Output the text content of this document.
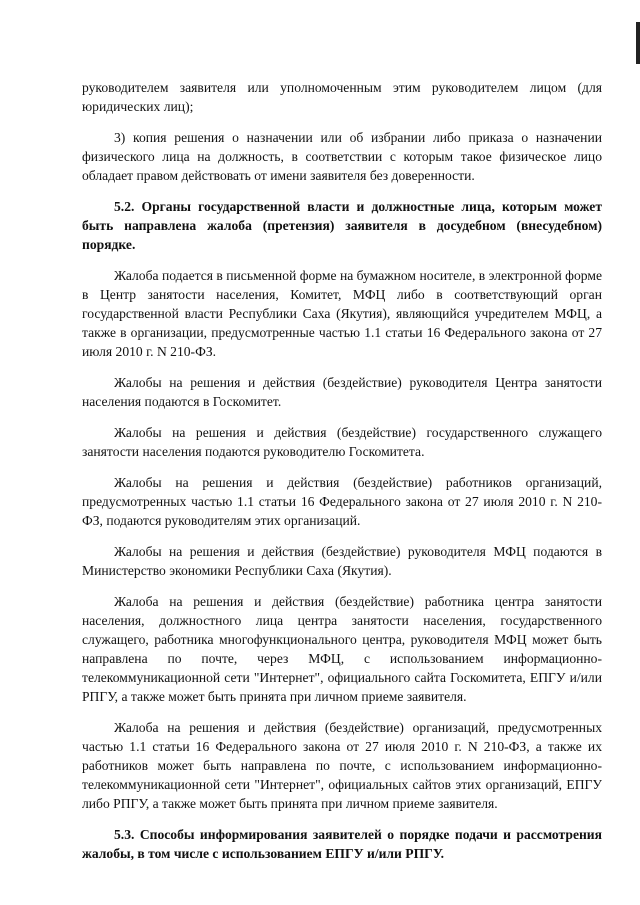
руководителем заявителя или уполномоченным этим руководителем лицом (для юридических лиц);

3) копия решения о назначении или об избрании либо приказа о назначении физического лица на должность, в соответствии с которым такое физическое лицо обладает правом действовать от имени заявителя без доверенности.

5.2. Органы государственной власти и должностные лица, которым может быть направлена жалоба (претензия) заявителя в досудебном (внесудебном) порядке.

Жалоба подается в письменной форме на бумажном носителе, в электронной форме в Центр занятости населения, Комитет, МФЦ либо в соответствующий орган государственной власти Республики Саха (Якутия), являющийся учредителем МФЦ, а также в организации, предусмотренные частью 1.1 статьи 16 Федерального закона от 27 июля 2010 г. N 210-ФЗ.

Жалобы на решения и действия (бездействие) руководителя Центра занятости населения подаются в Госкомитет.

Жалобы на решения и действия (бездействие) государственного служащего занятости населения подаются руководителю Госкомитета.

Жалобы на решения и действия (бездействие) работников организаций, предусмотренных частью 1.1 статьи 16 Федерального закона от 27 июля 2010 г. N 210-ФЗ, подаются руководителям этих организаций.

Жалобы на решения и действия (бездействие) руководителя МФЦ подаются в Министерство экономики Республики Саха (Якутия).

Жалоба на решения и действия (бездействие) работника центра занятости населения, должностного лица центра занятости населения, государственного служащего, работника многофункционального центра, руководителя МФЦ может быть направлена по почте, через МФЦ, с использованием информационно-телекоммуникационной сети "Интернет", официального сайта Госкомитета, ЕПГУ и/или РПГУ, а также может быть принята при личном приеме заявителя.

Жалоба на решения и действия (бездействие) организаций, предусмотренных частью 1.1 статьи 16 Федерального закона от 27 июля 2010 г. N 210-ФЗ, а также их работников может быть направлена по почте, с использованием информационно-телекоммуникационной сети "Интернет", официальных сайтов этих организаций, ЕПГУ либо РПГУ, а также может быть принята при личном приеме заявителя.

5.3. Способы информирования заявителей о порядке подачи и рассмотрения жалобы, в том числе с использованием ЕПГУ и/или РПГУ.
